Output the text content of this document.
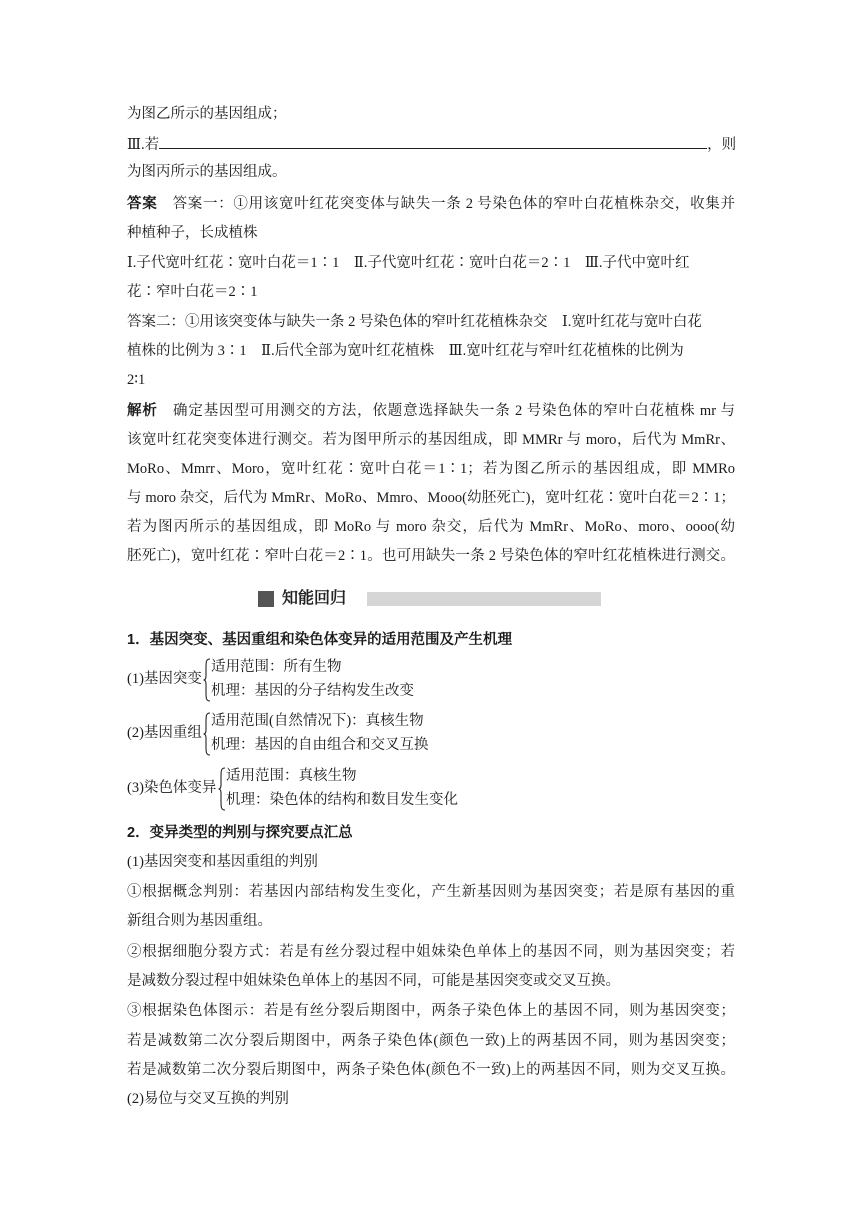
为图乙所示的基因组成；
Ⅲ.若	，则
为图丙所示的基因组成。
答案　 答案一：①用该宽叶红花突变体与缺失一条 2 号染色体的窄叶白花植株杂交，收集并
种植种子，长成植株
Ⅰ.子代宽叶红花∶宽叶白花＝1∶1　Ⅱ.子代宽叶红花∶宽叶白花＝2∶1　Ⅲ.子代中宽叶红
花∶窄叶白花＝2∶1
答案二：①用该突变体与缺失一条 2 号染色体的窄叶红花植株杂交　Ⅰ.宽叶红花与宽叶白花
植株的比例为 3∶1　Ⅱ.后代全部为宽叶红花植株　Ⅲ.宽叶红花与窄叶红花植株的比例为
2∶1
解析　 确定基因型可用测交的方法，依题意选择缺失一条 2 号染色体的窄叶白花植株 mr 与
该宽叶红花突变体进行测交。若为图甲所示的基因组成，即 MMRr 与 moro，后代为 MmRr、
MoRo、Mmrr、Moro，宽叶红花∶宽叶白花＝1∶1；若为图乙所示的基因组成，即 MMRo
与 moro 杂交，后代为 MmRr、MoRo、Mmro、Mooo(幼胚死亡)，宽叶红花∶宽叶白花＝2∶1；
若为图丙所示的基因组成，即 MoRo 与 moro 杂交，后代为 MmRr、MoRo、moro、oooo(幼
胚死亡)，宽叶红花∶窄叶白花＝2∶1。也可用缺失一条 2 号染色体的窄叶红花植株进行测交。
知能回归
1．基因突变、基因重组和染色体变异的适用范围及产生机理
(1)基因突变
适用范围：所有生物
机理：基因的分子结构发生改变
(2)基因重组
适用范围(自然情况下)：真核生物
机理：基因的自由组合和交叉互换
(3)染色体变异
适用范围：真核生物
机理：染色体的结构和数目发生变化
2．变异类型的判别与探究要点汇总
(1)基因突变和基因重组的判别
①根据概念判别：若基因内部结构发生变化，产生新基因则为基因突变；若是原有基因的重
新组合则为基因重组。
②根据细胞分裂方式：若是有丝分裂过程中姐妹染色单体上的基因不同，则为基因突变；若
是减数分裂过程中姐妹染色单体上的基因不同，可能是基因突变或交叉互换。
③根据染色体图示：若是有丝分裂后期图中，两条子染色体上的基因不同，则为基因突变；
若是减数第二次分裂后期图中，两条子染色体(颜色一致)上的两基因不同，则为基因突变；
若是减数第二次分裂后期图中，两条子染色体(颜色不一致)上的两基因不同，则为交叉互换。
(2)易位与交叉互换的判别
